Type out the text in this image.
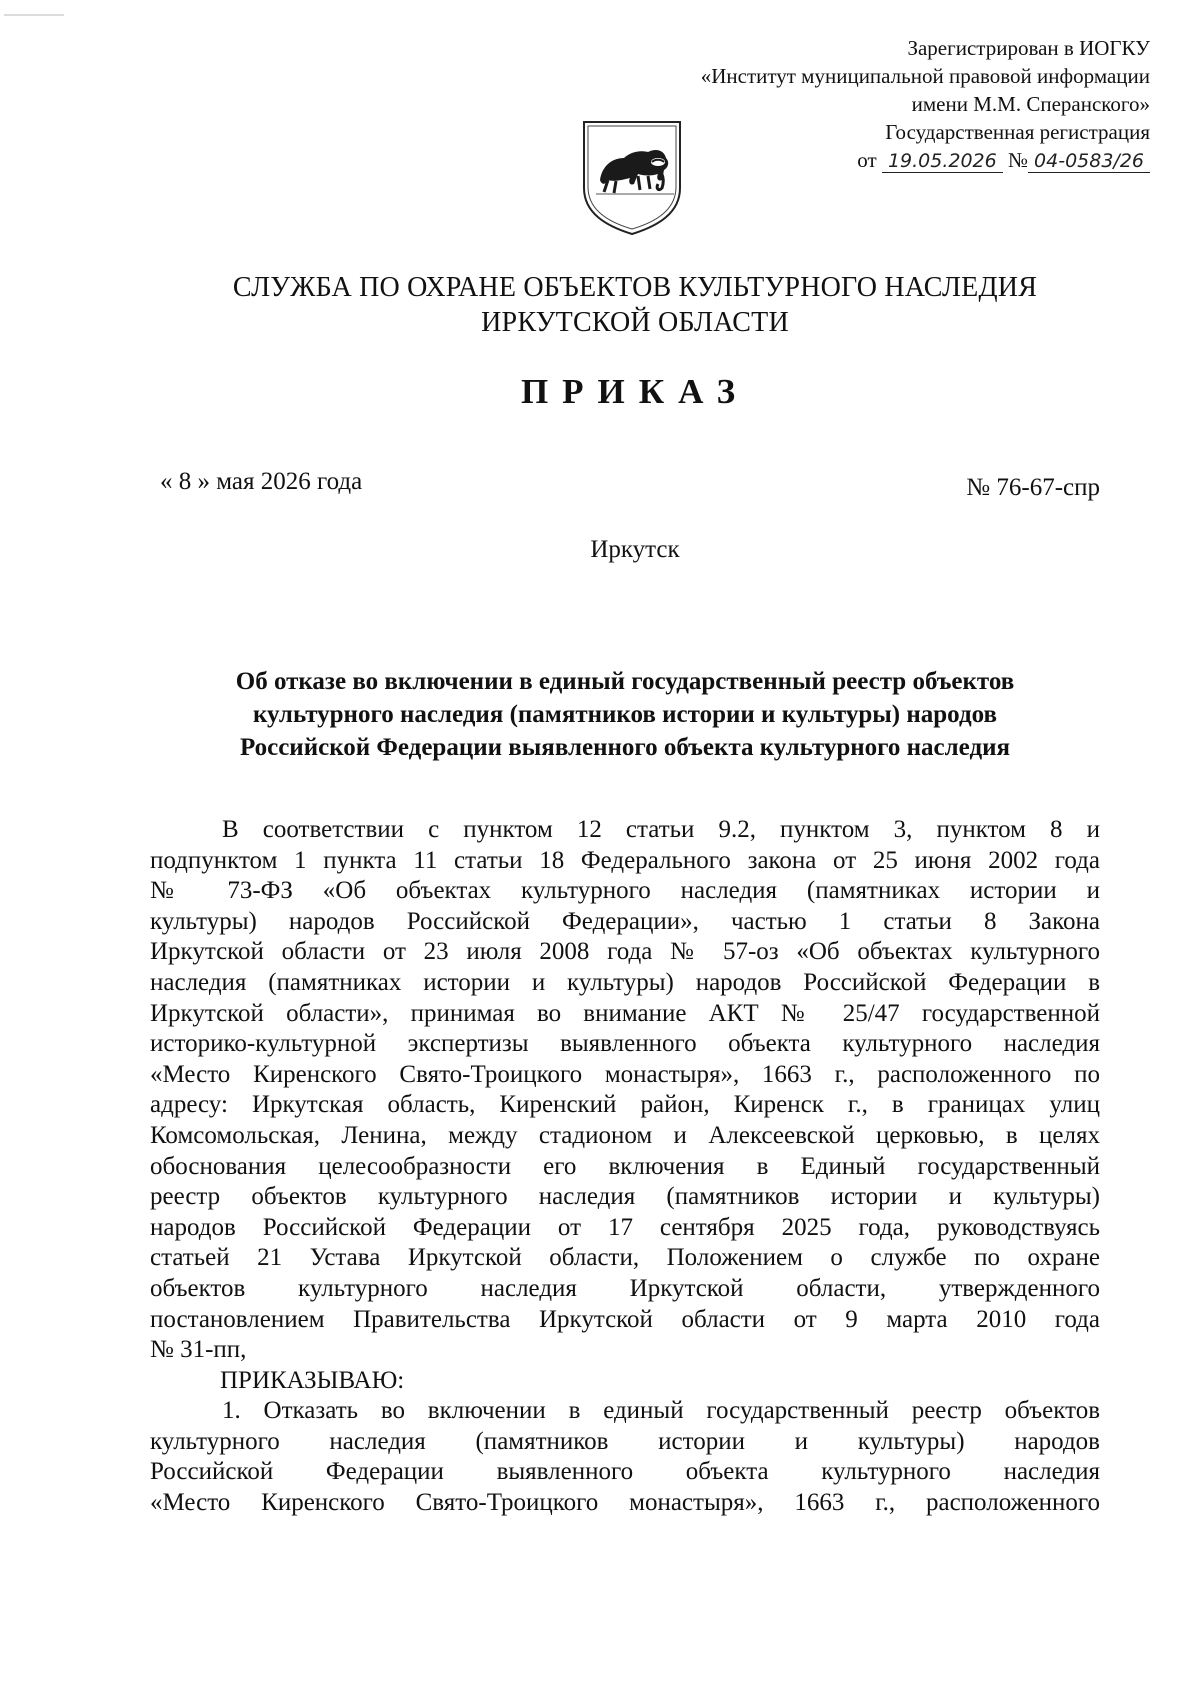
Зарегистрирован в ИОГКУ
«Институт муниципальной правовой информации
имени М.М. Сперанского»
Государственная регистрация
от 19.05.2026 № 04-0583/26
СЛУЖБА ПО ОХРАНЕ ОБЪЕКТОВ КУЛЬТУРНОГО НАСЛЕДИЯ
ИРКУТСКОЙ ОБЛАСТИ
ПРИКАЗ
« 8 » мая 2026 года	№ 76-67-спр
Иркутск
Об отказе во включении в единый государственный реестр объектов
культурного наследия (памятников истории и культуры) народов
Российской Федерации выявленного объекта культурного наследия

В соответствии с пунктом 12 статьи 9.2, пунктом 3, пунктом 8 и

подпунктом 1 пункта 11 статьи 18 Федерального закона от 25 июня 2002 года

№ 73-ФЗ «Об объектах культурного наследия (памятниках истории и

культуры) народов Российской Федерации», частью 1 статьи 8 Закона

Иркутской области от 23 июля 2008 года № 57-оз «Об объектах культурного

наследия (памятниках истории и культуры) народов Российской Федерации в

Иркутской области», принимая во внимание АКТ № 25/47 государственной

историко-культурной экспертизы выявленного объекта культурного наследия

«Место Киренского Свято-Троицкого монастыря», 1663 г., расположенного по

адресу: Иркутская область, Киренский район, Киренск г., в границах улиц

Комсомольская, Ленина, между стадионом и Алексеевской церковью, в целях

обоснования целесообразности его включения в Единый государственный

реестр объектов культурного наследия (памятников истории и культуры)

народов Российской Федерации от 17 сентября 2025 года, руководствуясь

статьей 21 Устава Иркутской области, Положением о службе по охране

объектов культурного наследия Иркутской области, утвержденного

постановлением Правительства Иркутской области от 9 марта 2010 года

№ 31-пп,

ПРИКАЗЫВАЮ:

1. Отказать во включении в единый государственный реестр объектов

культурного наследия (памятников истории и культуры) народов

Российской Федерации выявленного объекта культурного наследия

«Место Киренского Свято-Троицкого монастыря», 1663 г., расположенного
